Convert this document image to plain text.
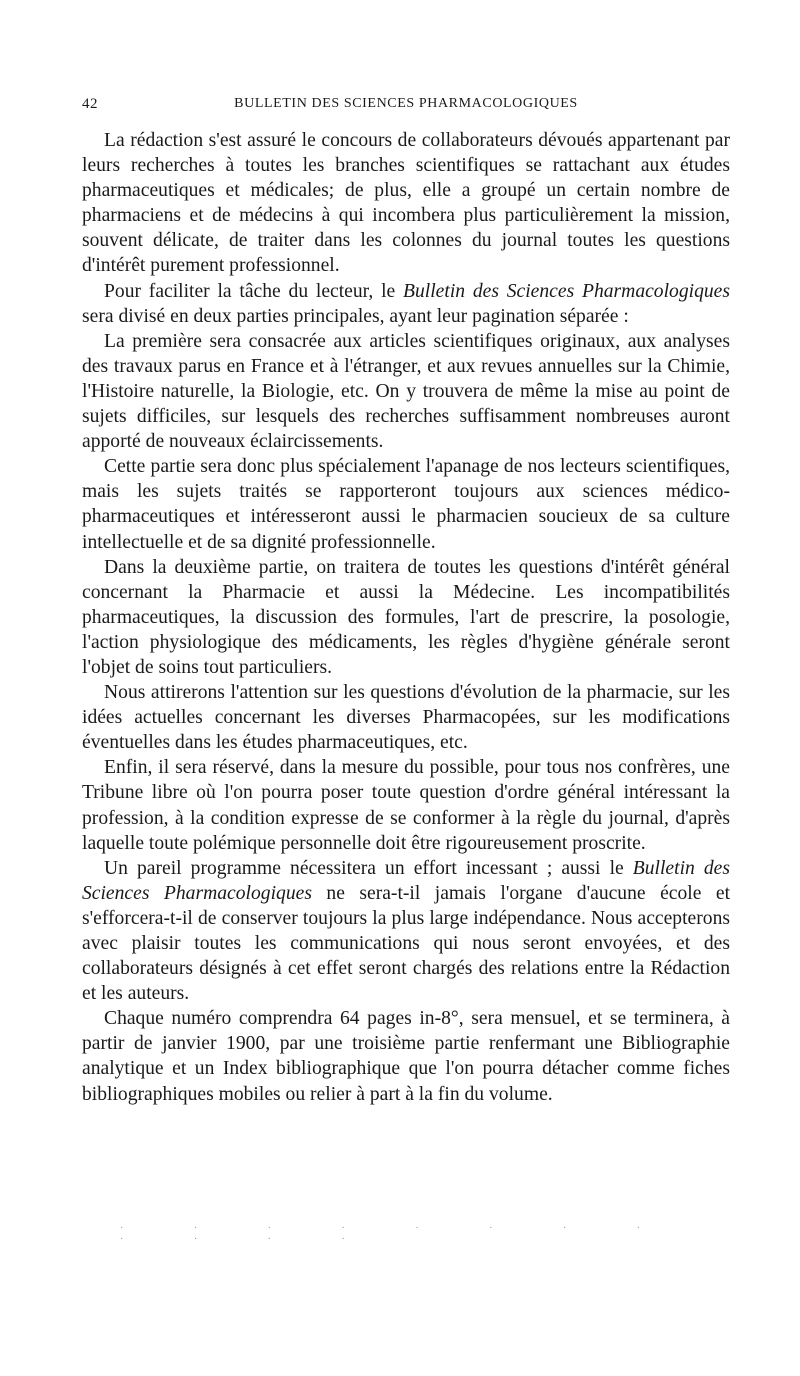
42	BULLETIN DES SCIENCES PHARMACOLOGIQUES

La rédaction s'est assuré le concours de collaborateurs dévoués appartenant par leurs recherches à toutes les branches scientifiques se rattachant aux études pharmaceutiques et médicales; de plus, elle a groupé un certain nombre de pharmaciens et de médecins à qui incombera plus particulièrement la mission, souvent délicate, de traiter dans les colonnes du journal toutes les questions d'intérêt purement professionnel.

Pour faciliter la tâche du lecteur, le Bulletin des Sciences Pharmacologiques sera divisé en deux parties principales, ayant leur pagination séparée :

La première sera consacrée aux articles scientifiques originaux, aux analyses des travaux parus en France et à l'étranger, et aux revues annuelles sur la Chimie, l'Histoire naturelle, la Biologie, etc. On y trouvera de même la mise au point de sujets difficiles, sur lesquels des recherches suffisamment nombreuses auront apporté de nouveaux éclaircissements.

Cette partie sera donc plus spécialement l'apanage de nos lecteurs scientifiques, mais les sujets traités se rapporteront toujours aux sciences médico-pharmaceutiques et intéresseront aussi le pharmacien soucieux de sa culture intellectuelle et de sa dignité professionnelle.

Dans la deuxième partie, on traitera de toutes les questions d'intérêt général concernant la Pharmacie et aussi la Médecine. Les incompatibilités pharmaceutiques, la discussion des formules, l'art de prescrire, la posologie, l'action physiologique des médicaments, les règles d'hygiène générale seront l'objet de soins tout particuliers.

Nous attirerons l'attention sur les questions d'évolution de la pharmacie, sur les idées actuelles concernant les diverses Pharmacopées, sur les modifications éventuelles dans les études pharmaceutiques, etc.

Enfin, il sera réservé, dans la mesure du possible, pour tous nos confrères, une Tribune libre où l'on pourra poser toute question d'ordre général intéressant la profession, à la condition expresse de se conformer à la règle du journal, d'après laquelle toute polémique personnelle doit être rigoureusement proscrite.

Un pareil programme nécessitera un effort incessant ; aussi le Bulletin des Sciences Pharmacologiques ne sera-t-il jamais l'organe d'aucune école et s'efforcera-t-il de conserver toujours la plus large indépendance. Nous accepterons avec plaisir toutes les communications qui nous seront envoyées, et des collaborateurs désignés à cet effet seront chargés des relations entre la Rédaction et les auteurs.

Chaque numéro comprendra 64 pages in-8°, sera mensuel, et se terminera, à partir de janvier 1900, par une troisième partie renfermant une Bibliographie analytique et un Index bibliographique que l'on pourra détacher comme fiches bibliographiques mobiles ou relier à part à la fin du volume.

· · · · · · · · · · · ·
